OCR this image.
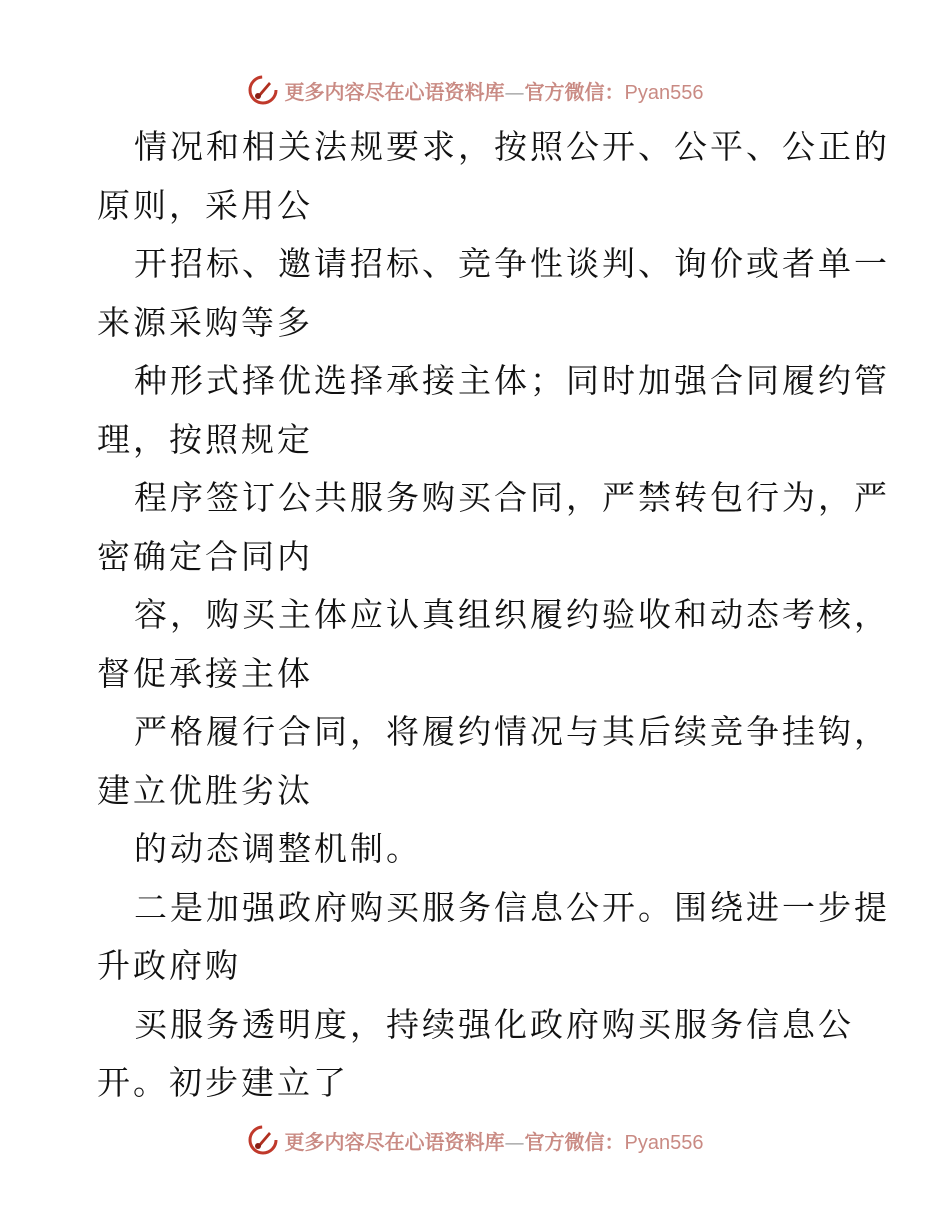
更多内容尽在心语资料库—官方微信：Pyan556
情况和相关法规要求，按照公开、公平、公正的
原则，采用公
开招标、邀请招标、竞争性谈判、询价或者单一
来源采购等多
种形式择优选择承接主体；同时加强合同履约管
理，按照规定
程序签订公共服务购买合同，严禁转包行为，严
密确定合同内
容，购买主体应认真组织履约验收和动态考核，
督促承接主体
严格履行合同，将履约情况与其后续竞争挂钩，
建立优胜劣汰
的动态调整机制。
二是加强政府购买服务信息公开。围绕进一步提
升政府购
买服务透明度，持续强化政府购买服务信息公
开。初步建立了
更多内容尽在心语资料库—官方微信：Pyan556
